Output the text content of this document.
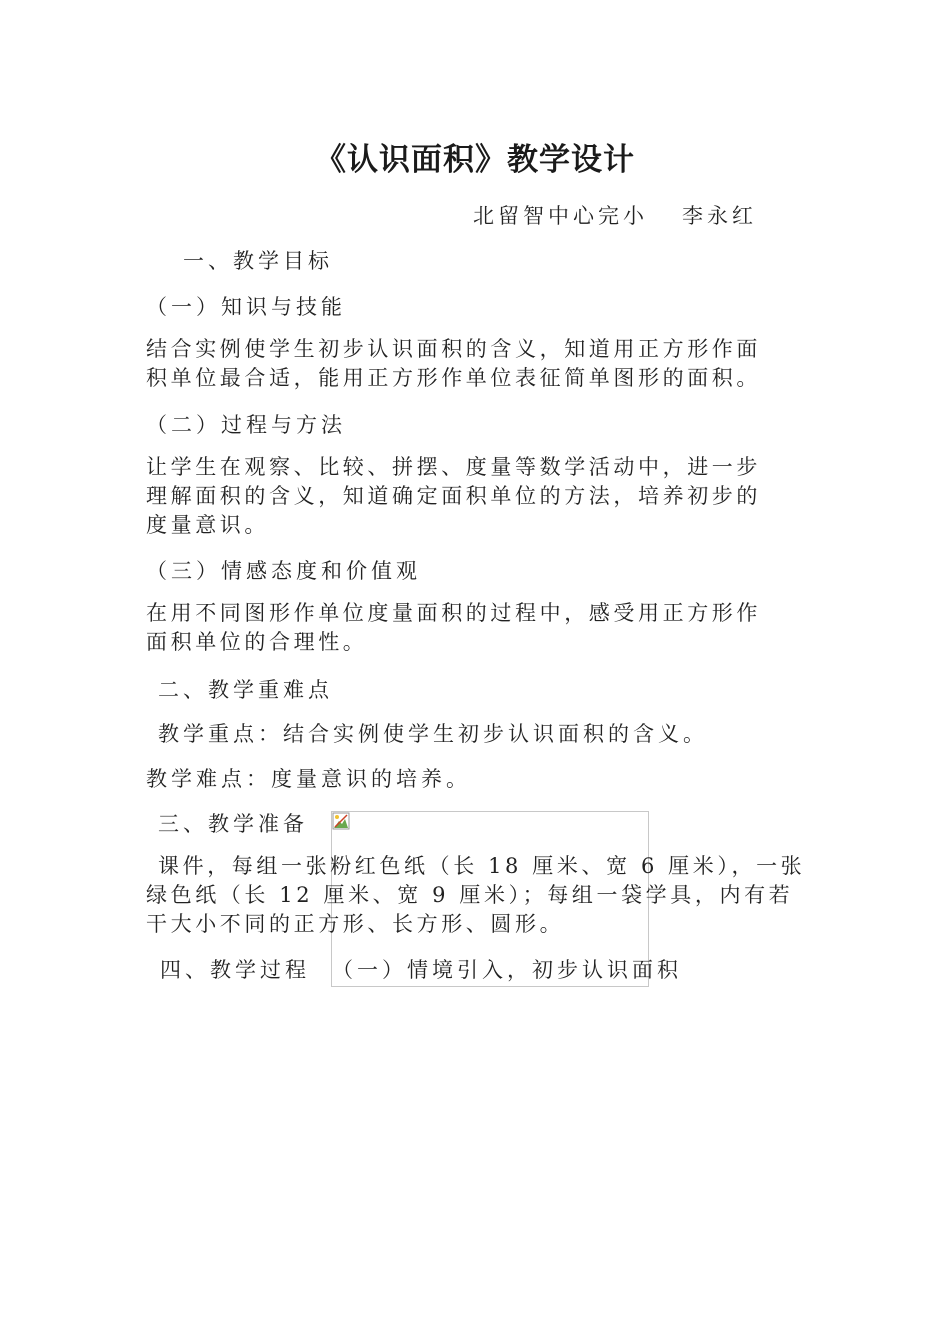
《认识面积》教学设计
北留智中心完小 李永红
一、教学目标
（一）知识与技能
结合实例使学生初步认识面积的含义，知道用正方形作面
积单位最合适，能用正方形作单位表征简单图形的面积。
（二）过程与方法
让学生在观察、比较、拼摆、度量等数学活动中，进一步
理解面积的含义，知道确定面积单位的方法，培养初步的
度量意识。
（三）情感态度和价值观
在用不同图形作单位度量面积的过程中，感受用正方形作
面积单位的合理性。
二、教学重难点
教学重点：结合实例使学生初步认识面积的含义。
教学难点：度量意识的培养。
三、教学准备
课件，每组一张粉红色纸（长 18 厘米、宽 6 厘米），一张
绿色纸（长 12 厘米、宽 9 厘米）；每组一袋学具，内有若
干大小不同的正方形、长方形、圆形。
四、教学过程 （一）情境引入，初步认识面积
